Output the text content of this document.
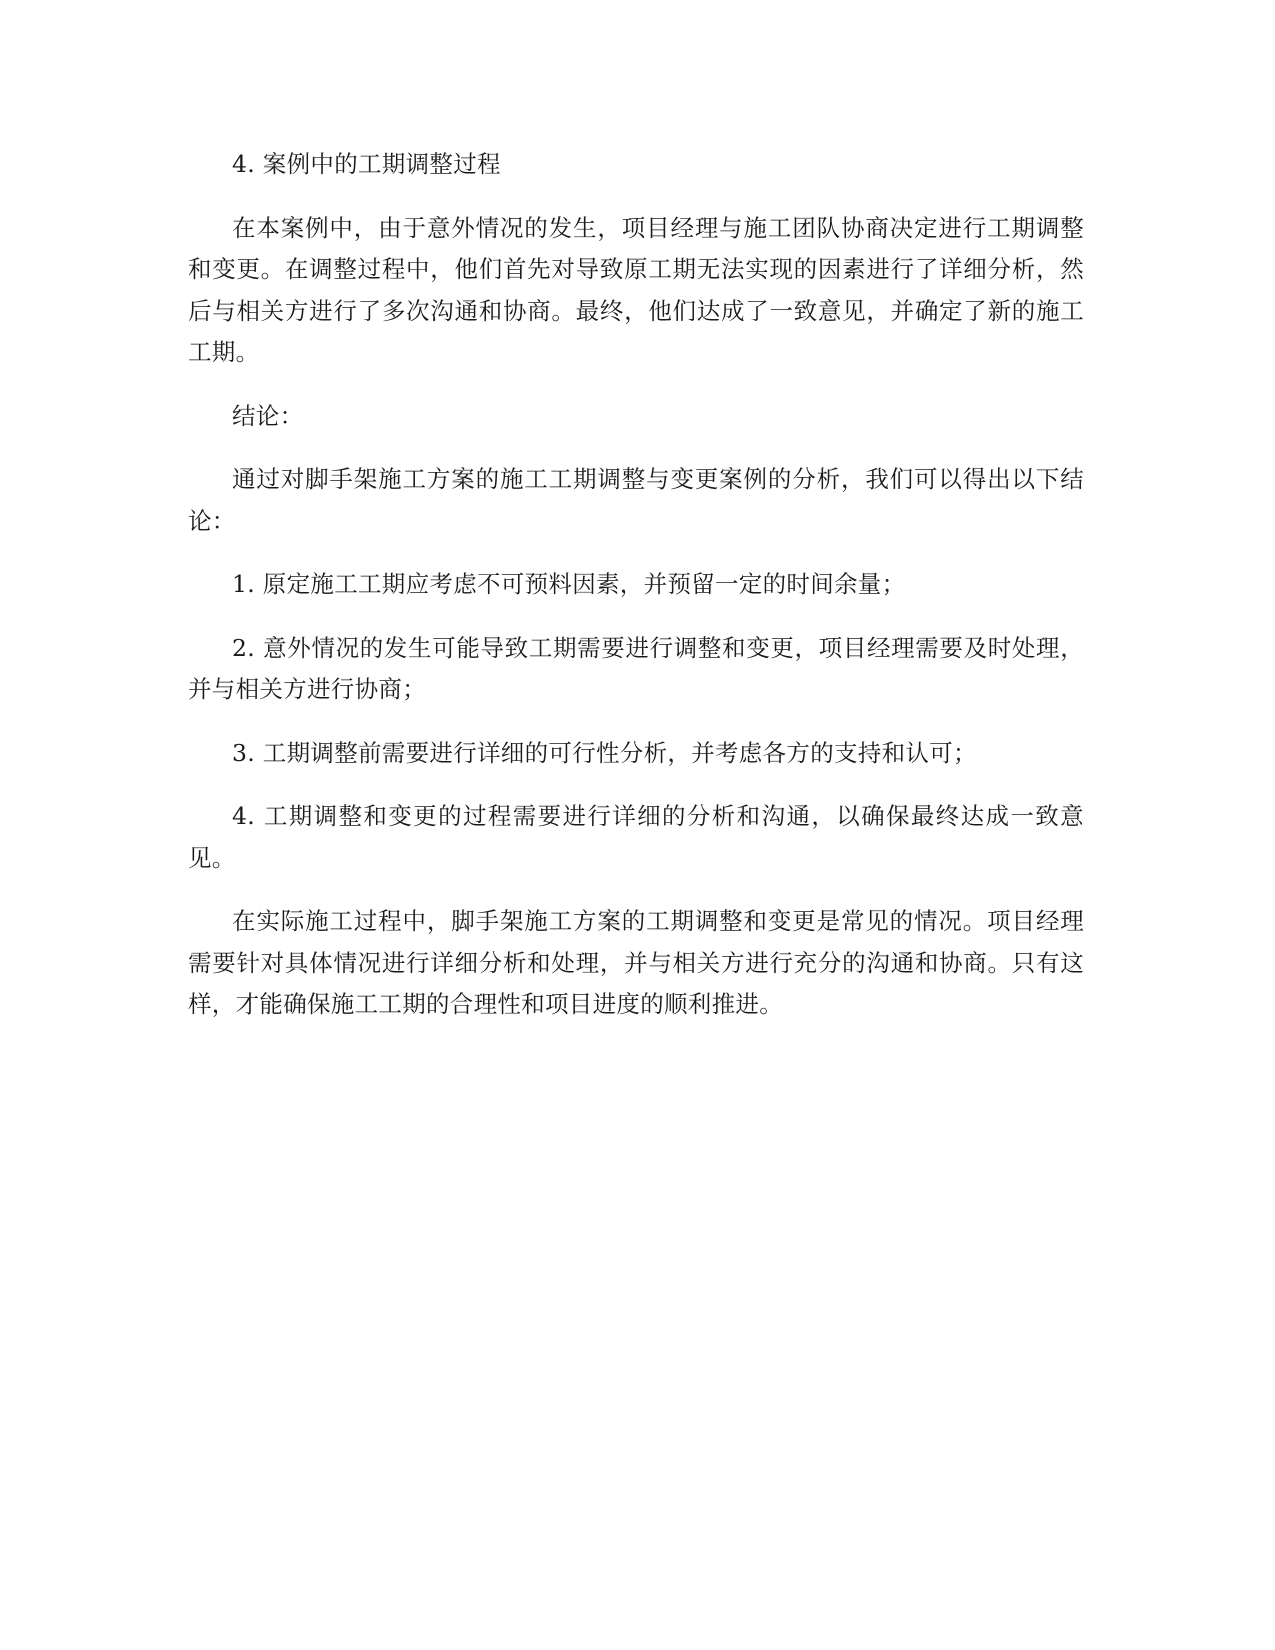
4. 案例中的工期调整过程

在本案例中，由于意外情况的发生，项目经理与施工团队协商决定进行工期调整和变更。在调整过程中，他们首先对导致原工期无法实现的因素进行了详细分析，然后与相关方进行了多次沟通和协商。最终，他们达成了一致意见，并确定了新的施工工期。

结论：

通过对脚手架施工方案的施工工期调整与变更案例的分析，我们可以得出以下结论：

1. 原定施工工期应考虑不可预料因素，并预留一定的时间余量；

2. 意外情况的发生可能导致工期需要进行调整和变更，项目经理需要及时处理，并与相关方进行协商；

3. 工期调整前需要进行详细的可行性分析，并考虑各方的支持和认可；

4. 工期调整和变更的过程需要进行详细的分析和沟通，以确保最终达成一致意见。

在实际施工过程中，脚手架施工方案的工期调整和变更是常见的情况。项目经理需要针对具体情况进行详细分析和处理，并与相关方进行充分的沟通和协商。只有这样，才能确保施工工期的合理性和项目进度的顺利推进。
